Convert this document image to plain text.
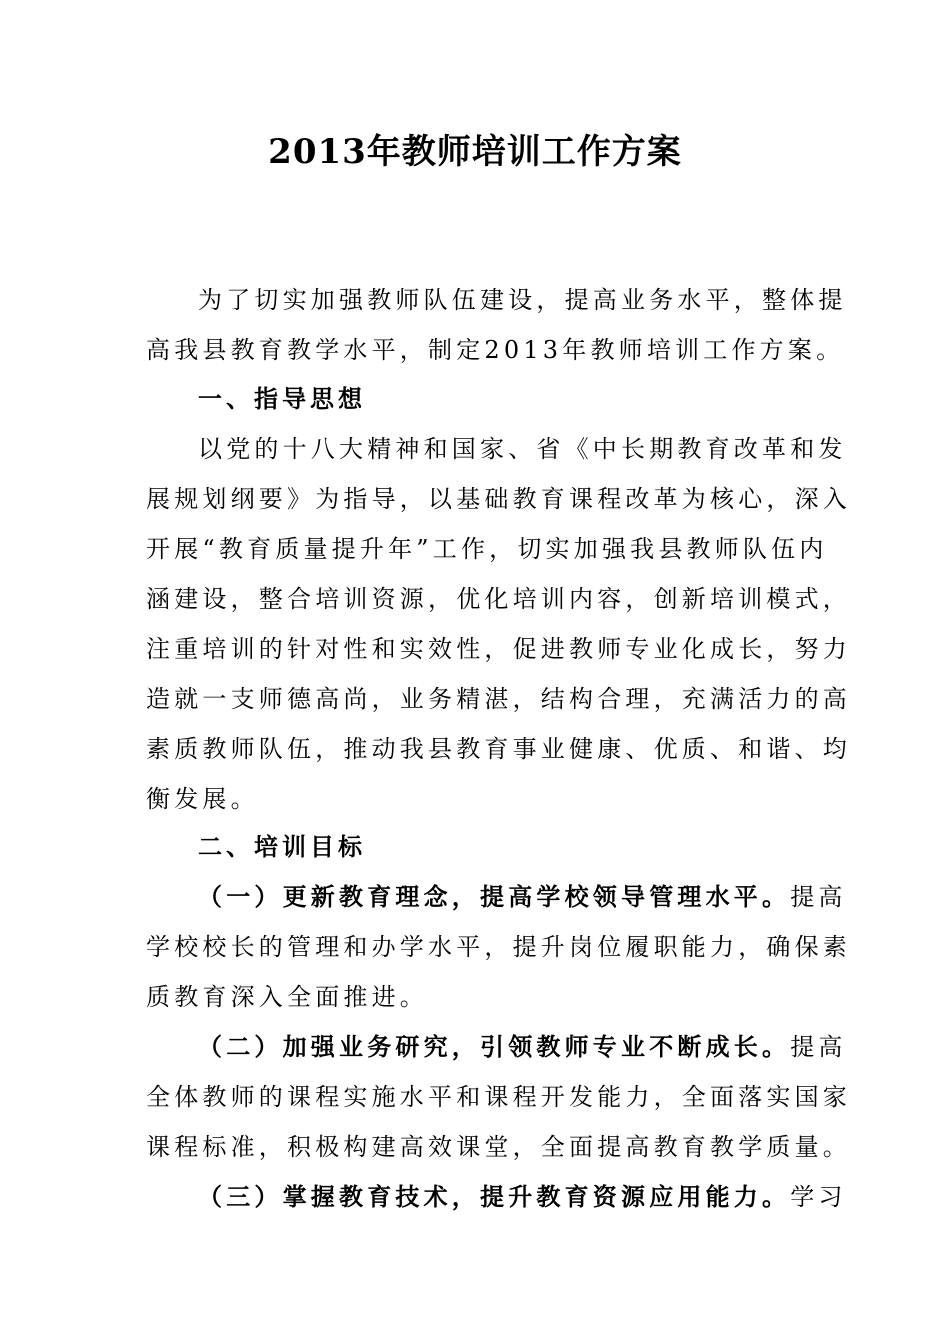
2013年教师培训工作方案
为了切实加强教师队伍建设，提高业务水平，整体提
高我县教育教学水平，制定2013年教师培训工作方案。
一、指导思想
以党的十八大精神和国家、省《中长期教育改革和发
展规划纲要》为指导，以基础教育课程改革为核心，深入
开展“教育质量提升年”工作，切实加强我县教师队伍内
涵建设，整合培训资源，优化培训内容，创新培训模式，
注重培训的针对性和实效性，促进教师专业化成长，努力
造就一支师德高尚，业务精湛，结构合理，充满活力的高
素质教师队伍，推动我县教育事业健康、优质、和谐、均
衡发展。
二、培训目标
（一）更新教育理念，提高学校领导管理水平。提高
学校校长的管理和办学水平，提升岗位履职能力，确保素
质教育深入全面推进。
（二）加强业务研究，引领教师专业不断成长。提高
全体教师的课程实施水平和课程开发能力，全面落实国家
课程标准，积极构建高效课堂，全面提高教育教学质量。
（三）掌握教育技术，提升教育资源应用能力。学习
